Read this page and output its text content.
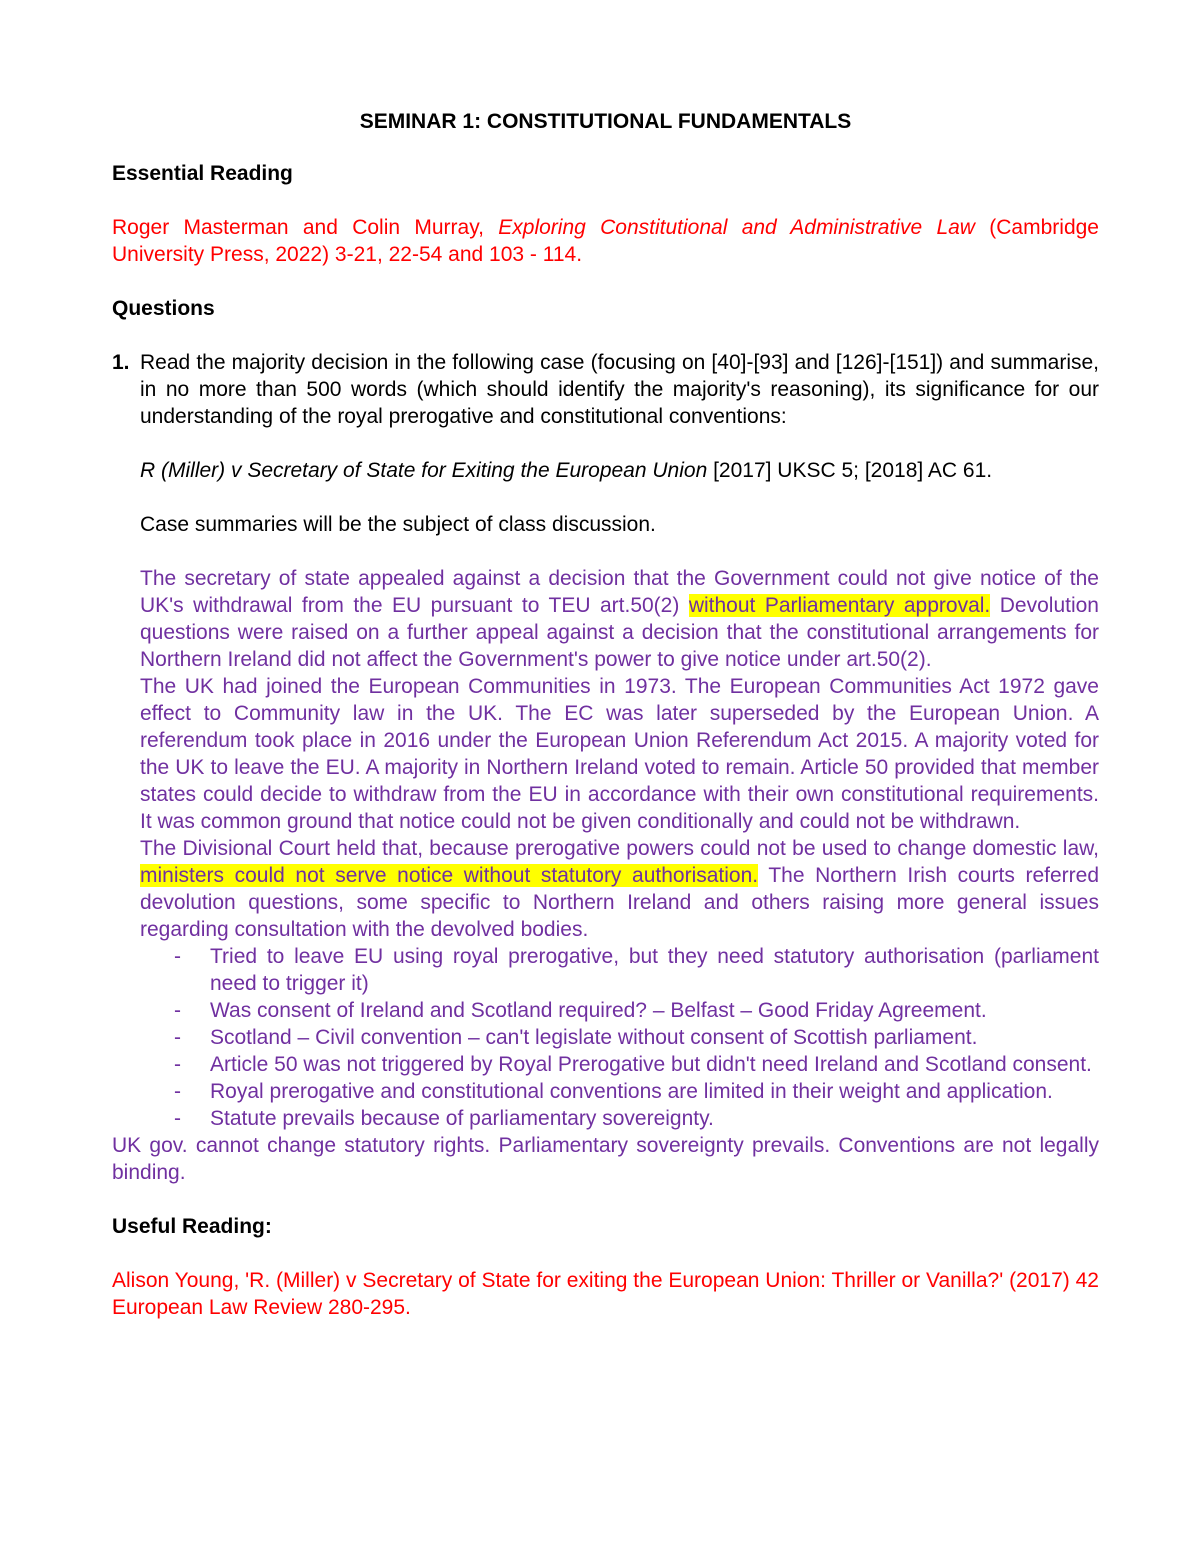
SEMINAR 1: CONSTITUTIONAL FUNDAMENTALS

Essential Reading

Roger Masterman and Colin Murray, Exploring Constitutional and Administrative Law (Cambridge University Press, 2022) 3-21, 22-54 and 103 - 114.

Questions
1. Read the majority decision in the following case (focusing on [40]-[93] and [126]-[151]) and summarise, in no more than 500 words (which should identify the majority's reasoning), its significance for our understanding of the royal prerogative and constitutional conventions:

R (Miller) v Secretary of State for Exiting the European Union [2017] UKSC 5; [2018] AC 61.

Case summaries will be the subject of class discussion.

The secretary of state appealed against a decision that the Government could not give notice of the UK's withdrawal from the EU pursuant to TEU art.50(2) without Parliamentary approval. Devolution questions were raised on a further appeal against a decision that the constitutional arrangements for Northern Ireland did not affect the Government's power to give notice under art.50(2).

The UK had joined the European Communities in 1973. The European Communities Act 1972 gave effect to Community law in the UK. The EC was later superseded by the European Union. A referendum took place in 2016 under the European Union Referendum Act 2015. A majority voted for the UK to leave the EU. A majority in Northern Ireland voted to remain. Article 50 provided that member states could decide to withdraw from the EU in accordance with their own constitutional requirements. It was common ground that notice could not be given conditionally and could not be withdrawn.

The Divisional Court held that, because prerogative powers could not be used to change domestic law, ministers could not serve notice without statutory authorisation. The Northern Irish courts referred devolution questions, some specific to Northern Ireland and others raising more general issues regarding consultation with the devolved bodies.

- Tried to leave EU using royal prerogative, but they need statutory authorisation (parliament need to trigger it)
- Was consent of Ireland and Scotland required? – Belfast – Good Friday Agreement.
- Scotland – Civil convention – can't legislate without consent of Scottish parliament.
- Article 50 was not triggered by Royal Prerogative but didn't need Ireland and Scotland consent.
- Royal prerogative and constitutional conventions are limited in their weight and application.
- Statute prevails because of parliamentary sovereignty.

UK gov. cannot change statutory rights. Parliamentary sovereignty prevails. Conventions are not legally binding.

Useful Reading:

Alison Young, 'R. (Miller) v Secretary of State for exiting the European Union: Thriller or Vanilla?' (2017) 42 European Law Review 280-295.
